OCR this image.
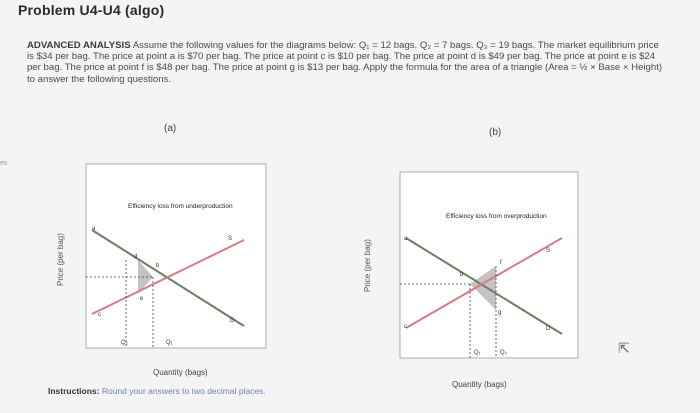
Problem U4-U4 (algo)
es
ADVANCED ANALYSIS Assume the following values for the diagrams below: Q₁ = 12 bags. Q₂ = 7 bags. Q₃ = 19 bags. The market equilibrium price is $34 per bag. The price at point a is $70 per bag. The price at point c is $10 per bag. The price at point d is $49 per bag. The price at point e is $24 per bag. The price at point f is $48 per bag. The price at point g is $13 per bag. Apply the formula for the area of a triangle (Area = ½ × Base × Height) to answer the following questions.
(a)
Price (per bag)
Efficiency loss from underproduction
a
b
c
d
e
S
D
Q₂	Q₁
Quantity (bags)
(b)
Price (per bag)
Efficiency loss from overproduction
a
b
c
f
g
S
D
Q₁	Q₃
Quantity (bags)
Instructions: Round your answers to two decimal places.
⇱
